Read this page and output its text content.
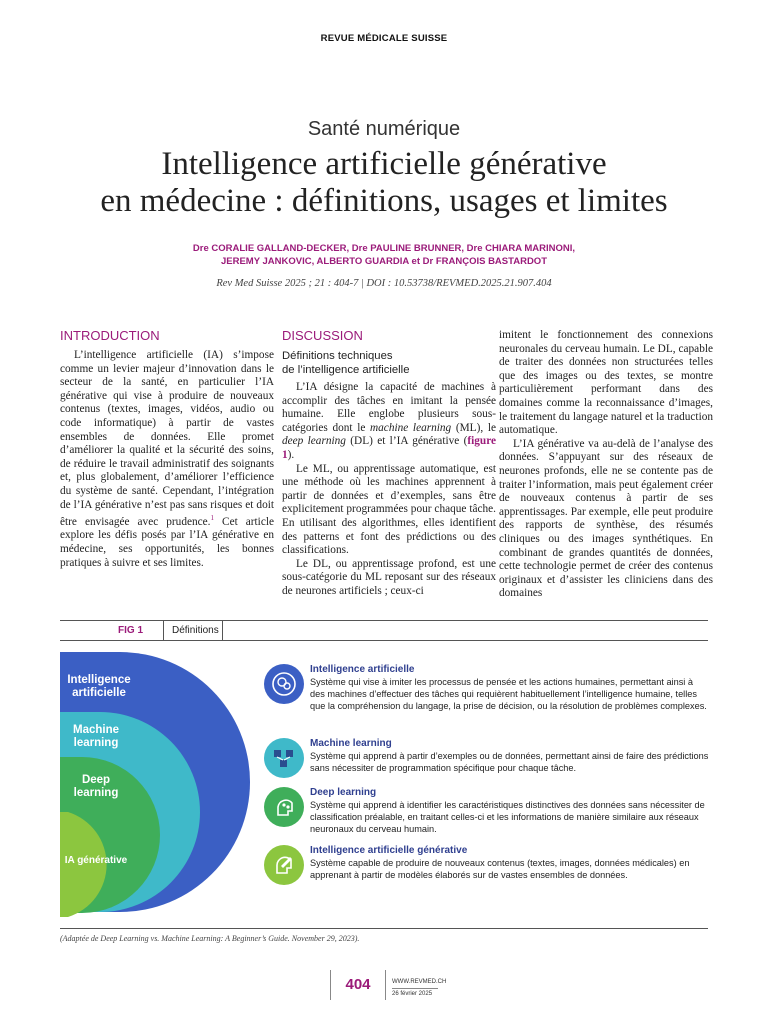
REVUE MÉDICALE SUISSE
Santé numérique
Intelligence artificielle générative
en médecine : définitions, usages et limites
Dre CORALIE GALLAND-DECKER, Dre PAULINE BRUNNER, Dre CHIARA MARINONI,
JEREMY JANKOVIC, ALBERTO GUARDIA et Dr FRANÇOIS BASTARDOT
Rev Med Suisse 2025 ; 21 : 404-7 | DOI : 10.53738/REVMED.2025.21.907.404
INTRODUCTION

L’intelligence artificielle (IA) s’impose comme un levier majeur d’innovation dans le secteur de la santé, en particulier l’IA générative qui vise à produire de nouveaux contenus (textes, images, vidéos, audio ou code informatique) à partir de vastes ensembles de données. Elle promet d’améliorer la qualité et la sécurité des soins, de réduire le travail administratif des soignants et, plus globalement, d’améliorer l’efficience du système de santé. Cependant, l’intégration de l’IA générative n’est pas sans risques et doit être envisagée avec prudence.$^1$ Cet article explore les défis posés par l’IA générative en médecine, ses opportunités, les bonnes pratiques à suivre et ses limites.

DISCUSSION
Définitions techniques
de l’intelligence artificielle

L’IA désigne la capacité de machines à accomplir des tâches en imitant la pensée humaine. Elle englobe plusieurs sous-catégories dont le machine learning (ML), le deep learning (DL) et l’IA générative (figure 1).

Le ML, ou apprentissage automatique, est une méthode où les machines apprennent à partir de données et d’exemples, sans être explicitement programmées pour chaque tâche. En utilisant des algorithmes, elles identifient des patterns et font des prédictions ou des classifications.

Le DL, ou apprentissage profond, est une sous-catégorie du ML reposant sur des réseaux de neurones artificiels ; ceux-ci

imitent le fonctionnement des connexions neuronales du cerveau humain. Le DL, capable de traiter des données non structurées telles que des images ou des textes, se montre particulièrement performant dans des domaines comme la reconnaissance d’images, le traitement du langage naturel et la traduction automatique.

L’IA générative va au-delà de l’analyse des données. S’appuyant sur des réseaux de neurones profonds, elle ne se contente pas de traiter l’information, mais peut également créer de nouveaux contenus à partir de ses apprentissages. Par exemple, elle peut produire des rapports de synthèse, des résumés cliniques ou des images synthétiques. En combinant de grandes quantités de données, cette technologie permet de créer des contenus originaux et d’assister les cliniciens dans des domaines

FIG 1	Définitions
Intelligence
artificielle
Machine
learning
Deep
learning
IA générative
Intelligence artificielle
Système qui vise à imiter les processus de pensée et les actions humaines, permettant ainsi à des machines d’effectuer des tâches qui requièrent habituellement l’intelligence humaine, telles que la compréhension du langage, la prise de décision, ou la résolution de problèmes complexes.
Machine learning
Système qui apprend à partir d’exemples ou de données, permettant ainsi de faire des prédictions sans nécessiter de programmation spécifique pour chaque tâche.
Deep learning
Système qui apprend à identifier les caractéristiques distinctives des données sans nécessiter de classification préalable, en traitant celles-ci et les informations de manière similaire aux réseaux neuronaux du cerveau humain.
Intelligence artificielle générative
Système capable de produire de nouveaux contenus (textes, images, données médicales) en apprenant à partir de modèles élaborés sur de vastes ensembles de données.
(Adaptée de Deep Learning vs. Machine Learning: A Beginner’s Guide. November 29, 2023).
404	WWW.REVMED.CH
26 février 2025
